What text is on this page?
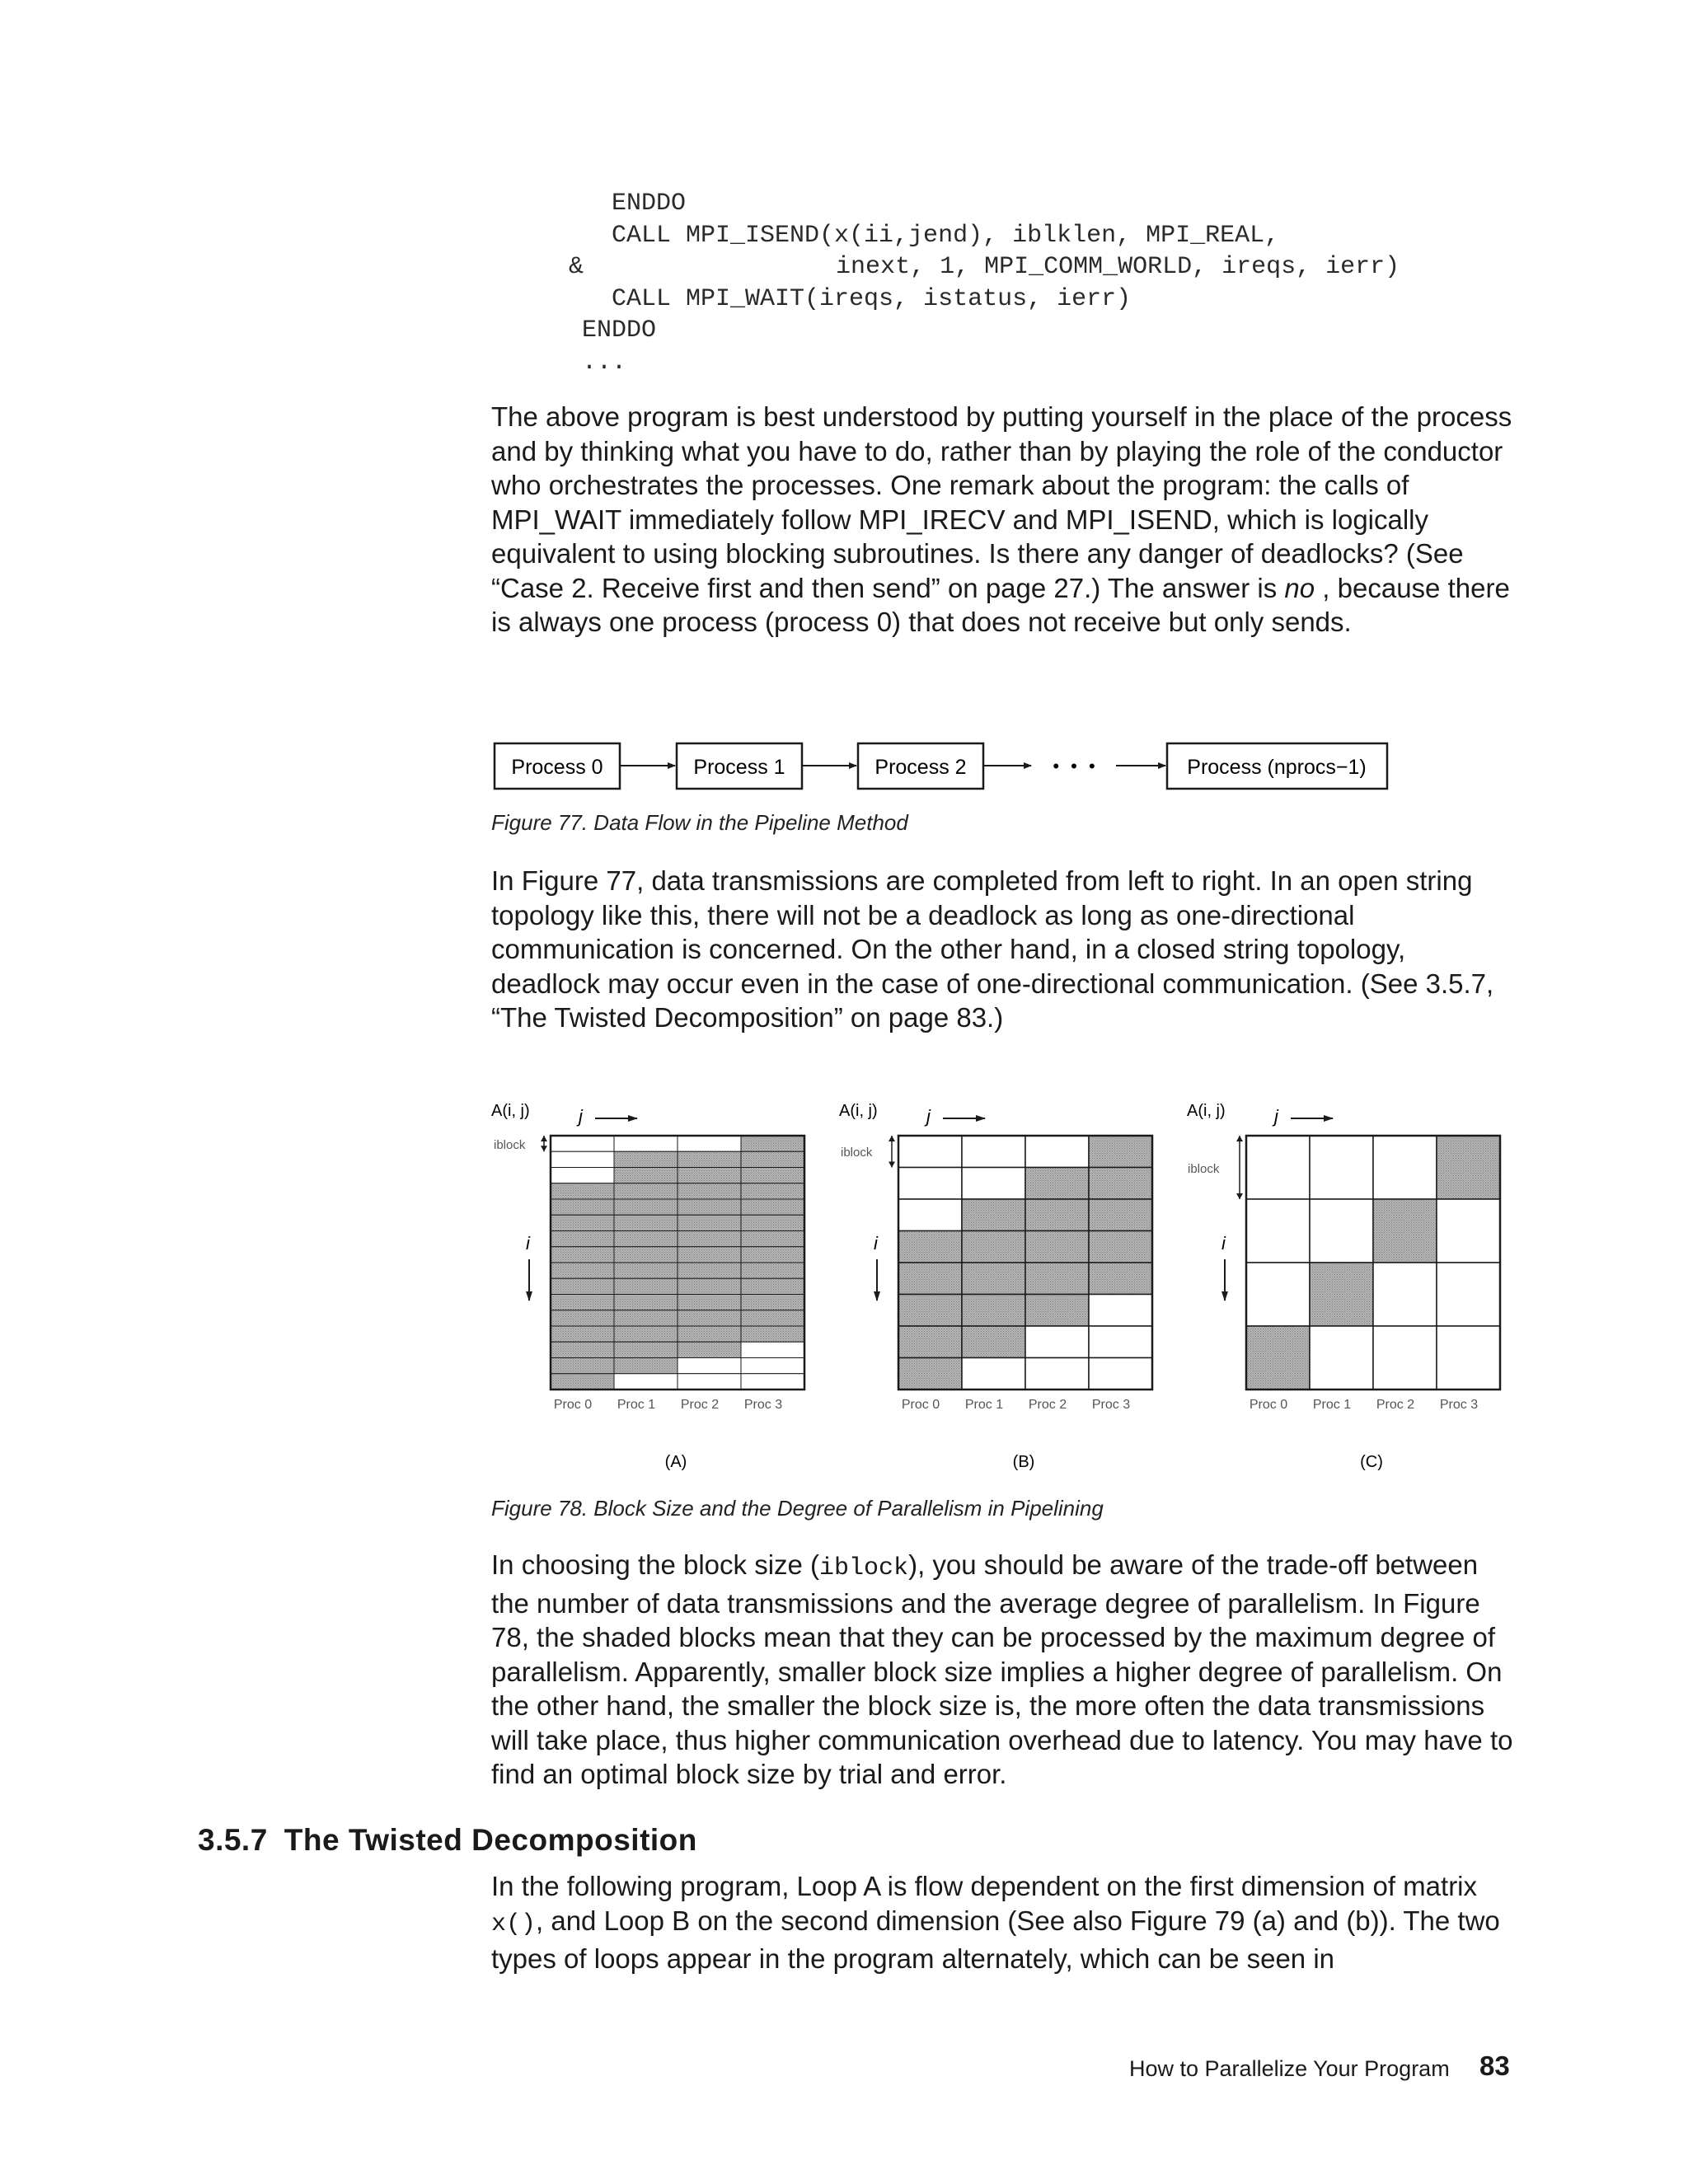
ENDDO
CALL MPI_ISEND(x(ii,jend), iblklen, MPI_REAL,
&                 inext, 1, MPI_COMM_WORLD, ireqs, ierr)
CALL MPI_WAIT(ireqs, istatus, ierr)
ENDDO
...
The above program is best understood by putting yourself in the place of the process and by thinking what you have to do, rather than by playing the role of the conductor who orchestrates the processes. One remark about the program: the calls of MPI_WAIT immediately follow MPI_IRECV and MPI_ISEND, which is logically equivalent to using blocking subroutines. Is there any danger of deadlocks? (See “Case 2. Receive first and then send” on page 27.) The answer is no , because there is always one process (process 0) that does not receive but only sends.
Process 0	Process 1	Process 2	Process (nprocs−1)
• • •
Figure 77. Data Flow in the Pipeline Method
In Figure 77, data transmissions are completed from left to right. In an open string topology like this, there will not be a deadlock as long as one-directional communication is concerned. On the other hand, in a closed string topology, deadlock may occur even in the case of one-directional communication. (See 3.5.7, “The Twisted Decomposition” on page 83.)
A(i, j)	j
iblock
i
Proc 0 Proc 1 Proc 2 Proc 3
(A)
A(i, j)	j
iblock
i
Proc 0 Proc 1 Proc 2 Proc 3
(B)
A(i, j)	j
iblock
i
Proc 0 Proc 1 Proc 2 Proc 3
(C)
Figure 78. Block Size and the Degree of Parallelism in Pipelining
In choosing the block size (iblock), you should be aware of the trade-off between the number of data transmissions and the average degree of parallelism. In Figure 78, the shaded blocks mean that they can be processed by the maximum degree of parallelism. Apparently, smaller block size implies a higher degree of parallelism. On the other hand, the smaller the block size is, the more often the data transmissions will take place, thus higher communication overhead due to latency. You may have to find an optimal block size by trial and error.
3.5.7 The Twisted Decomposition
In the following program, Loop A is flow dependent on the first dimension of matrix x(), and Loop B on the second dimension (See also Figure 79 (a) and (b)). The two types of loops appear in the program alternately, which can be seen in
How to Parallelize Your Program 83
